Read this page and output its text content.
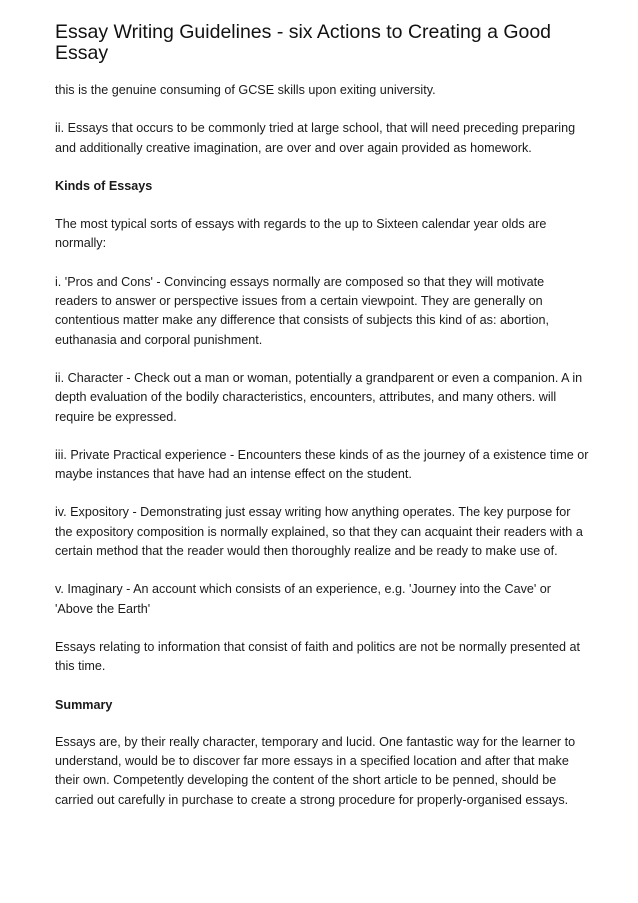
Essay Writing Guidelines - six Actions to Creating a Good Essay

this is the genuine consuming of GCSE skills upon exiting university.

ii. Essays that occurs to be commonly tried at large school, that will need preceding preparing and additionally creative imagination, are over and over again provided as homework.

Kinds of Essays

The most typical sorts of essays with regards to the up to Sixteen calendar year olds are normally:

i. 'Pros and Cons' - Convincing essays normally are composed so that they will motivate readers to answer or perspective issues from a certain viewpoint. They are generally on contentious matter make any difference that consists of subjects this kind of as: abortion, euthanasia and corporal punishment.

ii. Character - Check out a man or woman, potentially a grandparent or even a companion. A in depth evaluation of the bodily characteristics, encounters, attributes, and many others. will require be expressed.

iii. Private Practical experience - Encounters these kinds of as the journey of a existence time or maybe instances that have had an intense effect on the student.

iv. Expository - Demonstrating just essay writing how anything operates. The key purpose for the expository composition is normally explained, so that they can acquaint their readers with a certain method that the reader would then thoroughly realize and be ready to make use of.

v. Imaginary - An account which consists of an experience, e.g. 'Journey into the Cave' or 'Above the Earth'

Essays relating to information that consist of faith and politics are not be normally presented at this time.

Summary

Essays are, by their really character, temporary and lucid. One fantastic way for the learner to understand, would be to discover far more essays in a specified location and after that make their own. Competently developing the content of the short article to be penned, should be carried out carefully in purchase to create a strong procedure for properly-organised essays.
